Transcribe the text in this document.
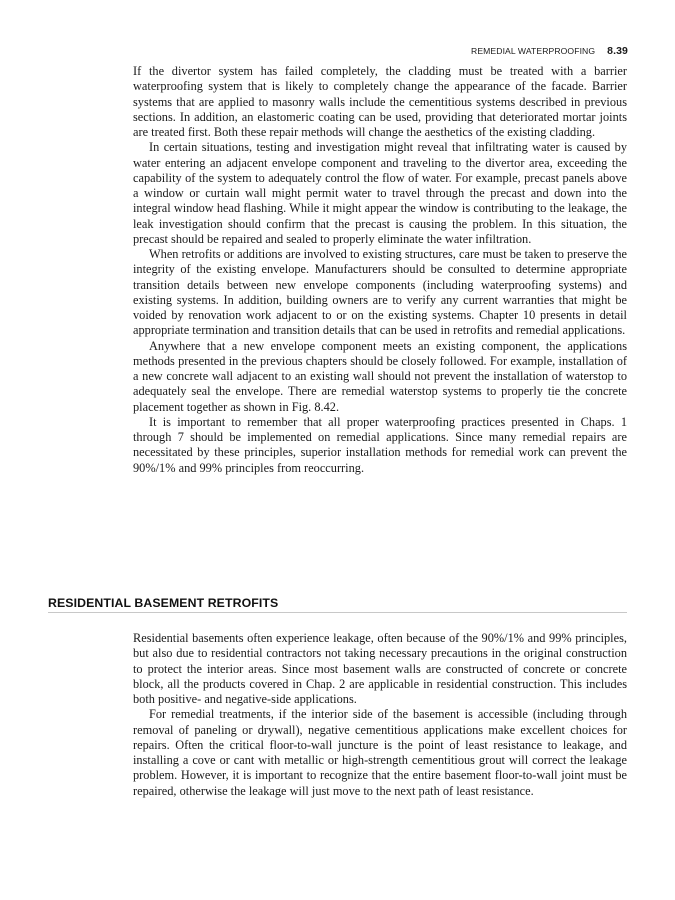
REMEDIAL WATERPROOFING 8.39

If the divertor system has failed completely, the cladding must be treated with a barrier waterproofing system that is likely to completely change the appearance of the facade. Barrier systems that are applied to masonry walls include the cementitious systems described in previous sections. In addition, an elastomeric coating can be used, providing that deteriorated mortar joints are treated first. Both these repair methods will change the aesthetics of the existing cladding.

In certain situations, testing and investigation might reveal that infiltrating water is caused by water entering an adjacent envelope component and traveling to the divertor area, exceeding the capability of the system to adequately control the flow of water. For example, precast panels above a window or curtain wall might permit water to travel through the precast and down into the integral window head flashing. While it might appear the window is contributing to the leakage, the leak investigation should confirm that the precast is causing the problem. In this situation, the precast should be repaired and sealed to properly eliminate the water infiltration.

When retrofits or additions are involved to existing structures, care must be taken to preserve the integrity of the existing envelope. Manufacturers should be consulted to determine appropriate transition details between new envelope components (including waterproofing systems) and existing systems. In addition, building owners are to verify any current warranties that might be voided by renovation work adjacent to or on the existing systems. Chapter 10 presents in detail appropriate termination and transition details that can be used in retrofits and remedial applications.

Anywhere that a new envelope component meets an existing component, the applications methods presented in the previous chapters should be closely followed. For example, installation of a new concrete wall adjacent to an existing wall should not prevent the installation of waterstop to adequately seal the envelope. There are remedial waterstop systems to properly tie the concrete placement together as shown in Fig. 8.42.

It is important to remember that all proper waterproofing practices presented in Chaps. 1 through 7 should be implemented on remedial applications. Since many remedial repairs are necessitated by these principles, superior installation methods for remedial work can prevent the 90%/1% and 99% principles from reoccurring.

RESIDENTIAL BASEMENT RETROFITS

Residential basements often experience leakage, often because of the 90%/1% and 99% principles, but also due to residential contractors not taking necessary precautions in the original construction to protect the interior areas. Since most basement walls are constructed of concrete or concrete block, all the products covered in Chap. 2 are applicable in residential construction. This includes both positive- and negative-side applications.

For remedial treatments, if the interior side of the basement is accessible (including through removal of paneling or drywall), negative cementitious applications make excellent choices for repairs. Often the critical floor-to-wall juncture is the point of least resistance to leakage, and installing a cove or cant with metallic or high-strength cementitious grout will correct the leakage problem. However, it is important to recognize that the entire basement floor-to-wall joint must be repaired, otherwise the leakage will just move to the next path of least resistance.
